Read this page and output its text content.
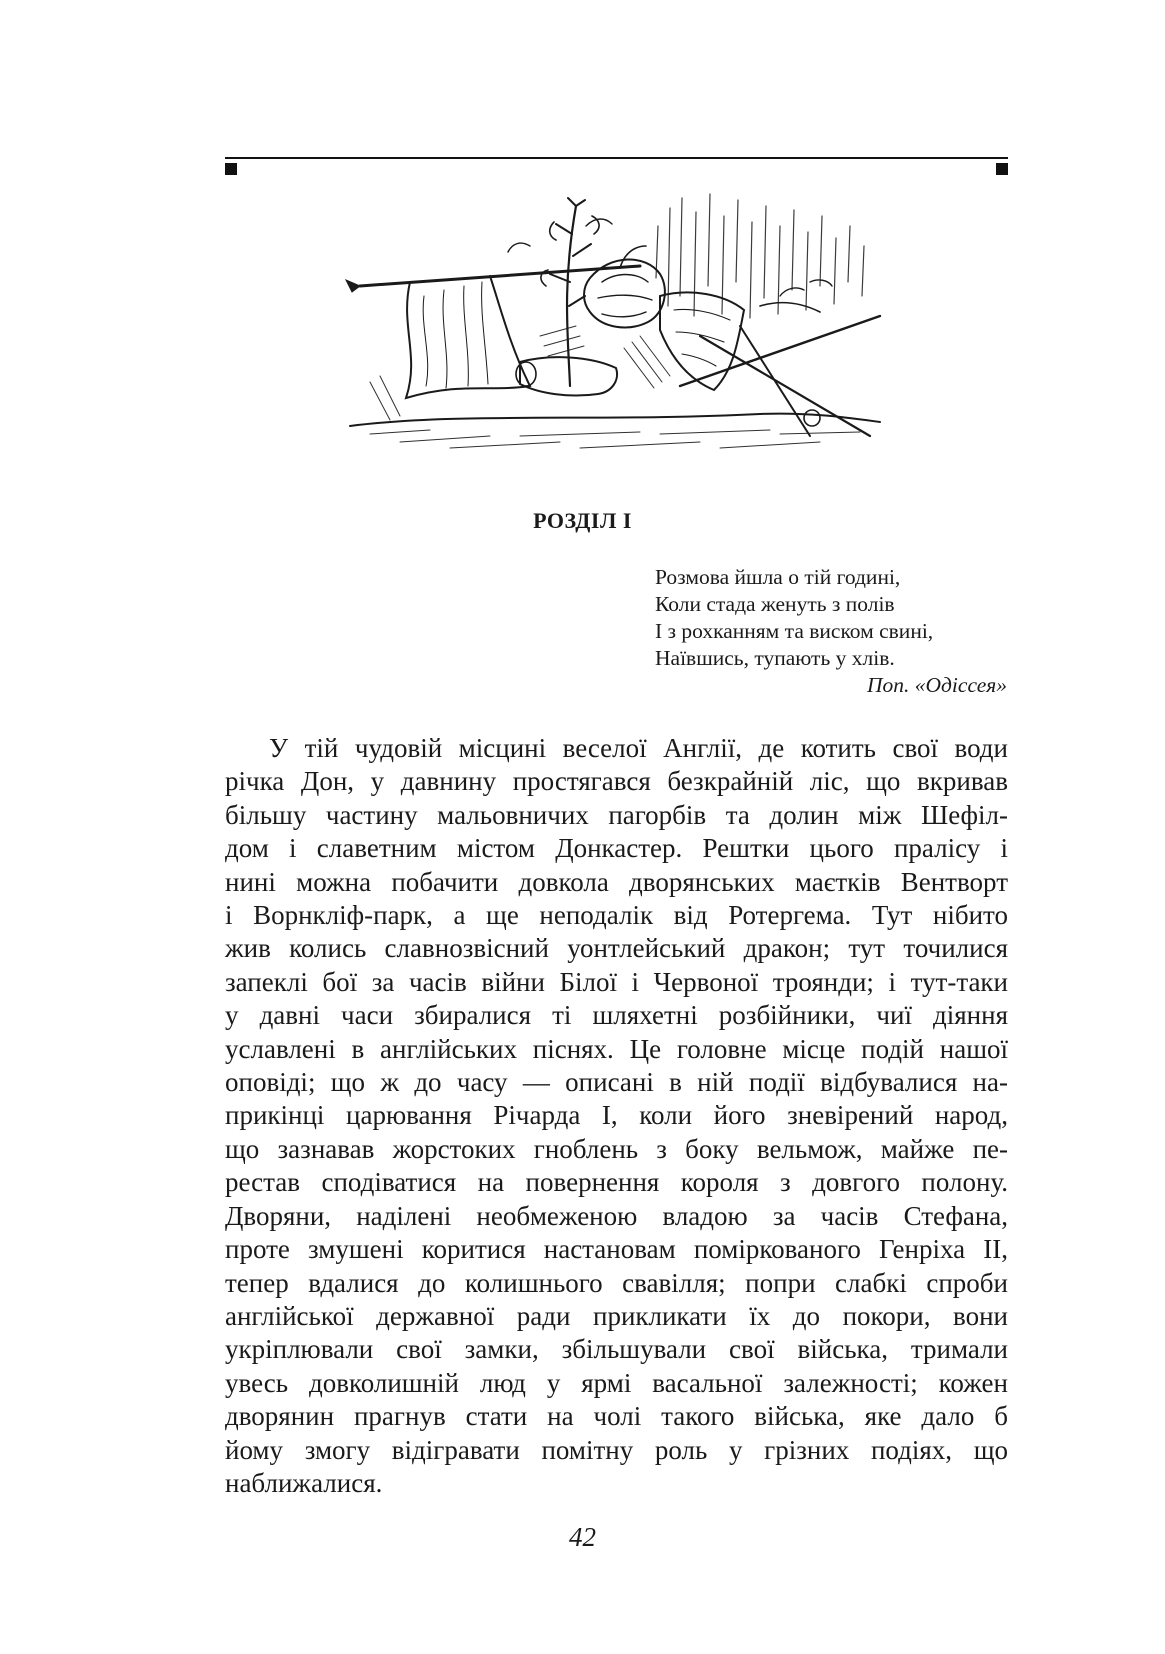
РОЗДІЛ I
Розмова йшла о тій годині,
Коли стада женуть з полів
І з рохканням та виском свині,
Наївшись, тупають у хлів.
Поп. «Одіссея»
У тій чудовій місцині веселої Англії, де котить свої води
річка Дон, у давнину простягався безкрайній ліс, що вкривав
більшу частину мальовничих пагорбів та долин між Шефіл-
дом і славетним містом Донкастер. Рештки цього пралісу і
нині можна побачити довкола дворянських маєтків Вентворт
і Ворнкліф-парк, а ще неподалік від Ротергема. Тут нібито
жив колись славнозвісний уонтлейський дракон; тут точилися
запеклі бої за часів війни Білої і Червоної троянди; і тут-таки
у давні часи збиралися ті шляхетні розбійники, чиї діяння
уславлені в англійських піснях. Це головне місце подій нашої
оповіді; що ж до часу — описані в ній події відбувалися на-
прикінці царювання Річарда I, коли його зневірений народ,
що зазнавав жорстоких гноблень з боку вельмож, майже пе-
рестав сподіватися на повернення короля з довгого полону.
Дворяни, наділені необмеженою владою за часів Стефана,
проте змушені коритися настановам поміркованого Генріха II,
тепер вдалися до колишнього свавілля; попри слабкі спроби
англійської державної ради прикликати їх до покори, вони
укріплювали свої замки, збільшували свої війська, тримали
увесь довколишній люд у ярмі васальної залежності; кожен
дворянин прагнув стати на чолі такого війська, яке дало б
йому змогу відігравати помітну роль у грізних подіях, що
наближалися.
42
